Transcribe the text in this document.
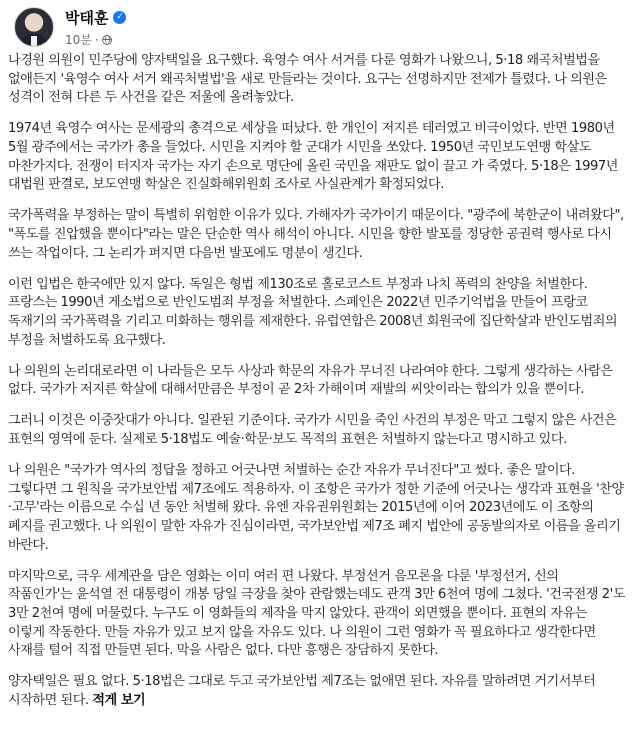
박태훈 ✓
10분 ·

나경원 의원이 민주당에 양자택일을 요구했다. 육영수 여사 서거를 다룬 영화가 나왔으니, 5·18 왜곡처벌법을 없애든지 '육영수 여사 서거 왜곡처벌법'을 새로 만들라는 것이다. 요구는 선명하지만 전제가 틀렸다. 나 의원은 성격이 전혀 다른 두 사건을 같은 저울에 올려놓았다.

1974년 육영수 여사는 문세광의 총격으로 세상을 떠났다. 한 개인이 저지른 테러였고 비극이었다. 반면 1980년 5월 광주에서는 국가가 총을 들었다. 시민을 지켜야 할 군대가 시민을 쏘았다. 1950년 국민보도연맹 학살도 마찬가지다. 전쟁이 터지자 국가는 자기 손으로 명단에 올린 국민을 재판도 없이 끌고 가 죽였다. 5·18은 1997년 대법원 판결로, 보도연맹 학살은 진실화해위원회 조사로 사실관계가 확정되었다.

국가폭력을 부정하는 말이 특별히 위험한 이유가 있다. 가해자가 국가이기 때문이다. "광주에 북한군이 내려왔다", "폭도를 진압했을 뿐이다"라는 말은 단순한 역사 해석이 아니다. 시민을 향한 발포를 정당한 공권력 행사로 다시 쓰는 작업이다. 그 논리가 퍼지면 다음번 발포에도 명분이 생긴다.

이런 입법은 한국에만 있지 않다. 독일은 형법 제130조로 홀로코스트 부정과 나치 폭력의 찬양을 처벌한다. 프랑스는 1990년 게소법으로 반인도범죄 부정을 처벌한다. 스페인은 2022년 민주기억법을 만들어 프랑코 독재기의 국가폭력을 기리고 미화하는 행위를 제재한다. 유럽연합은 2008년 회원국에 집단학살과 반인도범죄의 부정을 처벌하도록 요구했다.

나 의원의 논리대로라면 이 나라들은 모두 사상과 학문의 자유가 무너진 나라여야 한다. 그렇게 생각하는 사람은 없다. 국가가 저지른 학살에 대해서만큼은 부정이 곧 2차 가해이며 재발의 씨앗이라는 합의가 있을 뿐이다.

그러니 이것은 이중잣대가 아니다. 일관된 기준이다. 국가가 시민을 죽인 사건의 부정은 막고 그렇지 않은 사건은 표현의 영역에 둔다. 실제로 5·18법도 예술·학문·보도 목적의 표현은 처벌하지 않는다고 명시하고 있다.

나 의원은 "국가가 역사의 정답을 정하고 어긋나면 처벌하는 순간 자유가 무너진다"고 썼다. 좋은 말이다. 그렇다면 그 원칙을 국가보안법 제7조에도 적용하자. 이 조항은 국가가 정한 기준에 어긋나는 생각과 표현을 '찬양·고무'라는 이름으로 수십 년 동안 처벌해 왔다. 유엔 자유권위원회는 2015년에 이어 2023년에도 이 조항의 폐지를 권고했다. 나 의원이 말한 자유가 진심이라면, 국가보안법 제7조 폐지 법안에 공동발의자로 이름을 올리기 바란다.

마지막으로, 극우 세계관을 담은 영화는 이미 여러 편 나왔다. 부정선거 음모론을 다룬 '부정선거, 신의 작품인가'는 윤석열 전 대통령이 개봉 당일 극장을 찾아 관람했는데도 관객 3만 6천여 명에 그쳤다. '건국전쟁 2'도 3만 2천여 명에 머물렀다. 누구도 이 영화들의 제작을 막지 않았다. 관객이 외면했을 뿐이다. 표현의 자유는 이렇게 작동한다. 만들 자유가 있고 보지 않을 자유도 있다. 나 의원이 그런 영화가 꼭 필요하다고 생각한다면 사재를 털어 직접 만들면 된다. 막을 사람은 없다. 다만 흥행은 장담하지 못한다.

양자택일은 필요 없다. 5·18법은 그대로 두고 국가보안법 제7조는 없애면 된다. 자유를 말하려면 거기서부터 시작하면 된다. 적게 보기
